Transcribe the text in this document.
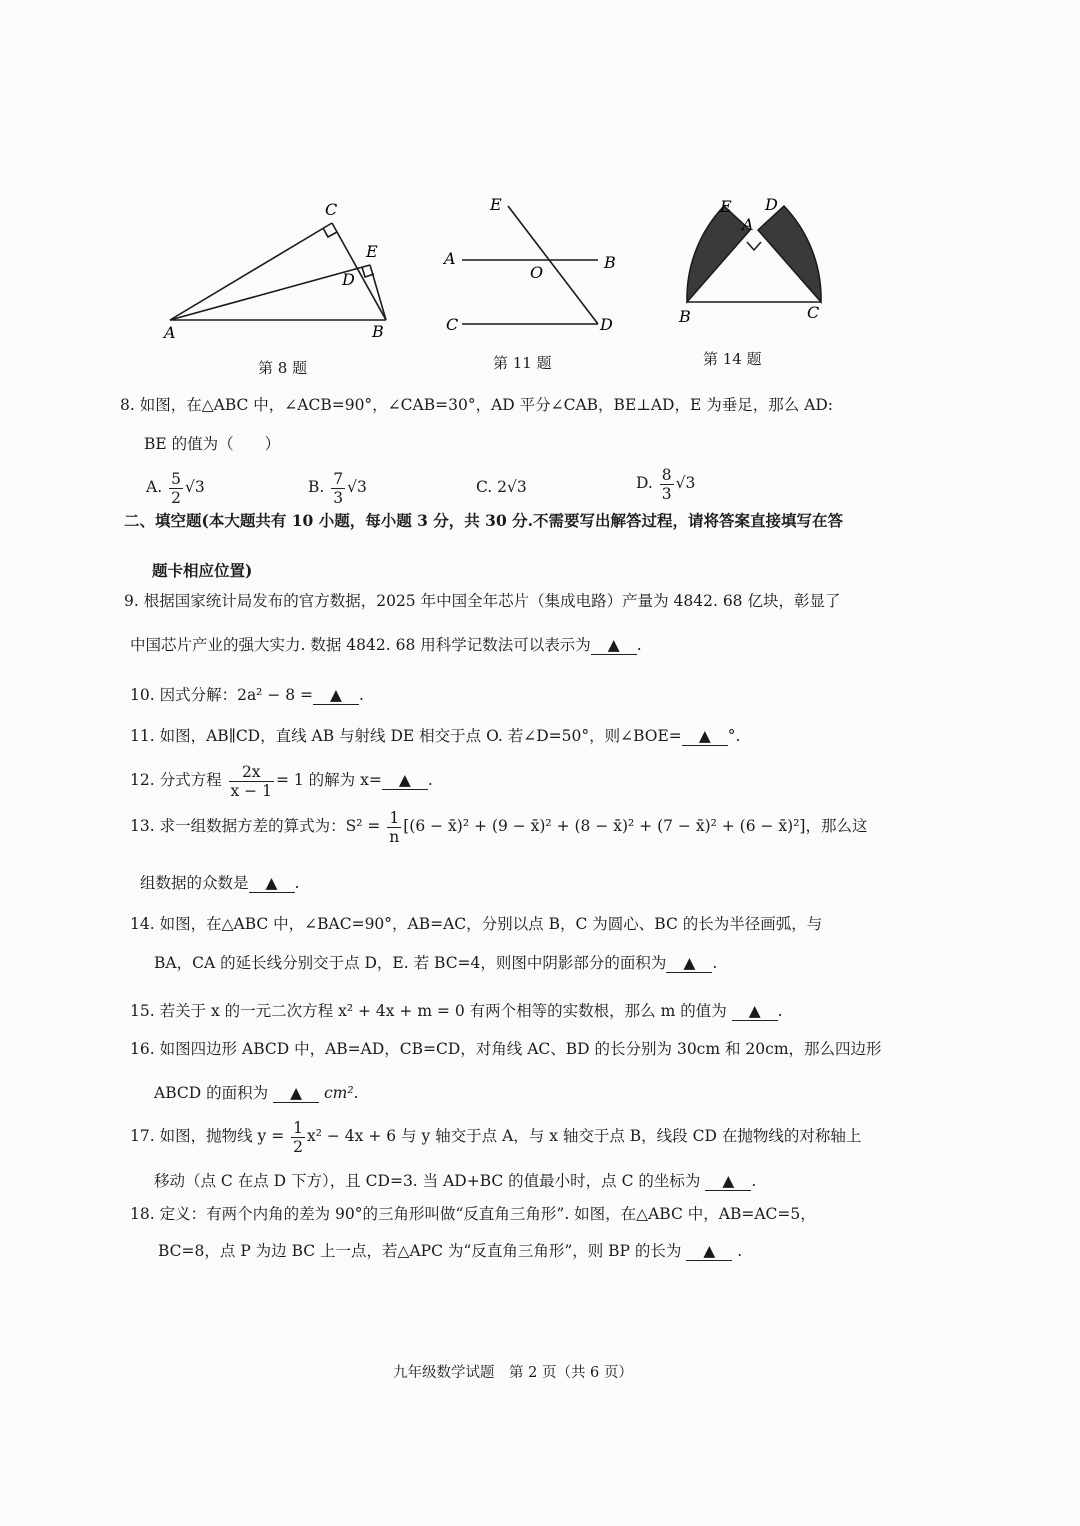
C
E
D
A	B
第 8 题
E
A
O
B
C	D
第 11 题
E D
A
B	C
第 14 题
8. 如图，在△ABC 中，∠ACB=90°，∠CAB=30°，AD 平分∠CAB，BE⊥AD，E 为垂足，那么 AD:
BE 的值为（　　）
A. $\frac{5}{2} √3$	B. $\frac{7}{3} √3$	C. 2√3	D. $\frac{8}{3} √3$
二、填空题(本大题共有 10 小题，每小题 3 分，共 30 分.不需要写出解答过程，请将答案直接填写在答
题卡相应位置)
9. 根据国家统计局发布的官方数据，2025 年中国全年芯片（集成电路）产量为 4842. 68 亿块，彰显了
中国芯片产业的强大实力. 数据 4842. 68 用科学记数法可以表示为 ▲ .
10. 因式分解：2a² − 8 = ▲ .
11. 如图，AB∥CD，直线 AB 与射线 DE 相交于点 O. 若∠D=50°，则∠BOE= ▲ °.
12. 分式方程 $\frac{2x}{x - 1} = 1$ 的解为 x= ▲ .
13. 求一组数据方差的算式为：$S^2 = \frac{1}{n} [(6$ − x̄)² + (9 − x̄)² + (8 − x̄)² + (7 − x̄)² + (6 − x̄)²]，那么这
组数据的众数是 ▲ .
14. 如图，在△ABC 中，∠BAC=90°，AB=AC，分别以点 B，C 为圆心、BC 的长为半径画弧，与
BA，CA 的延长线分别交于点 D，E. 若 BC=4，则图中阴影部分的面积为 ▲ .
15. 若关于 x 的一元二次方程 x² + 4x + m = 0 有两个相等的实数根，那么 m 的值为 ▲ .
16. 如图四边形 ABCD 中，AB=AD，CB=CD，对角线 AC、BD 的长分别为 30cm 和 20cm，那么四边形
ABCD 的面积为 ▲ cm².
17. 如图，抛物线 $y = \frac{1}{2} x^2 - 4x + 6$ 与 y 轴交于点 A，与 x 轴交于点 B，线段 CD 在抛物线的对称轴上
移动（点 C 在点 D 下方），且 CD=3. 当 AD+BC 的值最小时，点 C 的坐标为 ▲ .
18. 定义：有两个内角的差为 90°的三角形叫做“反直角三角形”. 如图，在△ABC 中，AB=AC=5，
BC=8，点 P 为边 BC 上一点，若△APC 为“反直角三角形”，则 BP 的长为 ▲ .
九年级数学试题　第 2 页（共 6 页）
